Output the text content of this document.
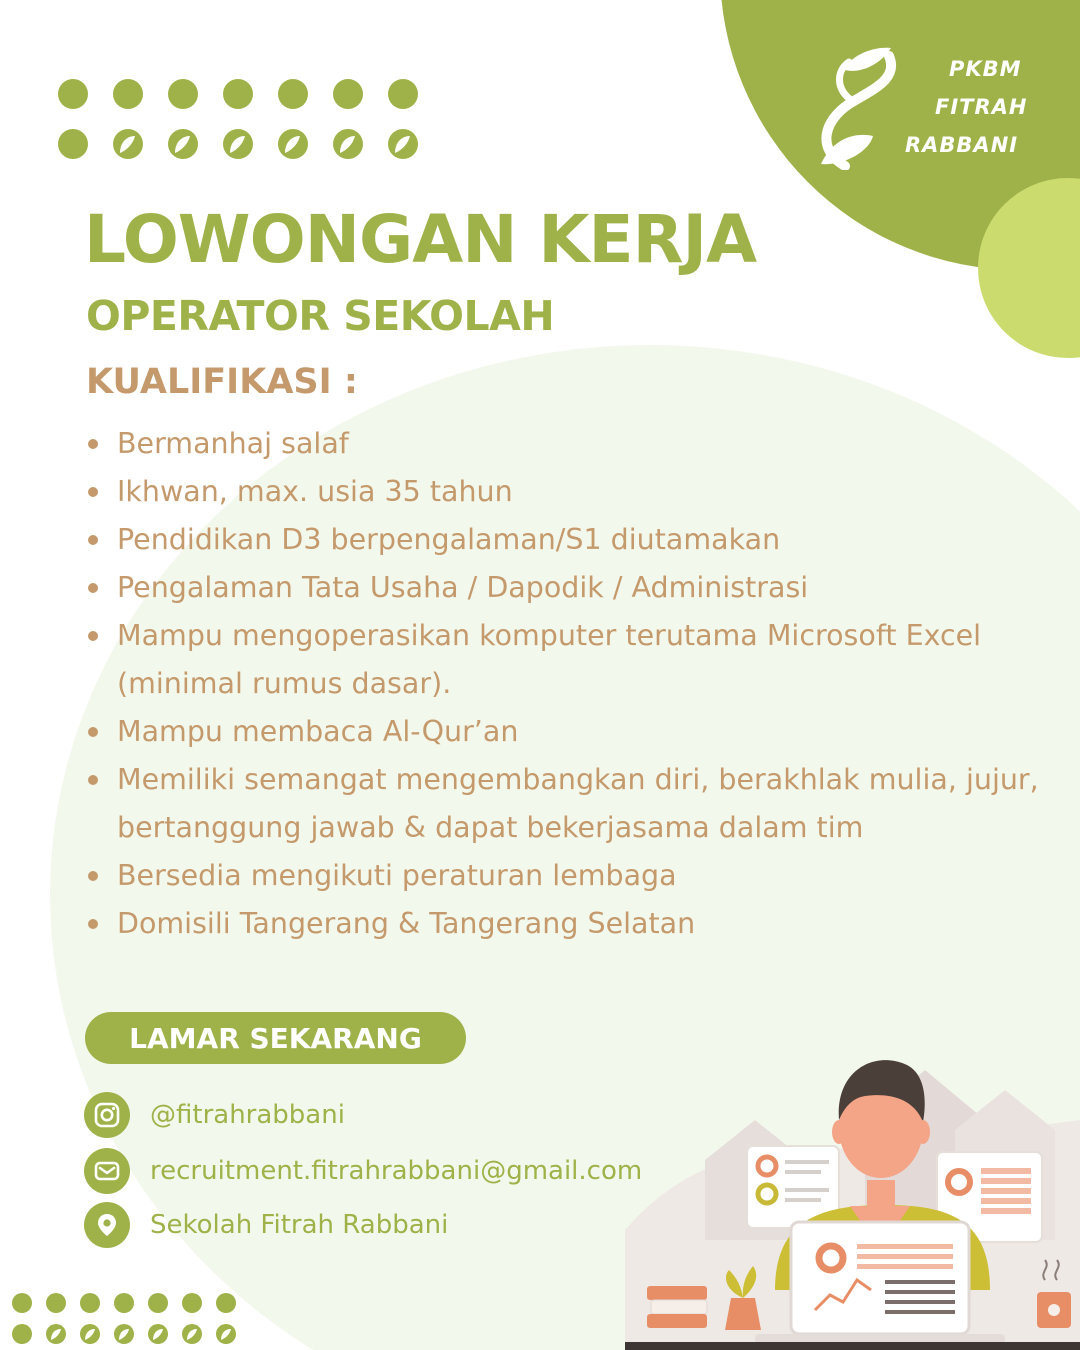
PKBM
FITRAH
RABBANI
LOWONGAN KERJA
OPERATOR SEKOLAH
KUALIFIKASI :
Bermanhaj salaf
Ikhwan, max. usia 35 tahun
Pendidikan D3 berpengalaman/S1 diutamakan
Pengalaman Tata Usaha / Dapodik / Administrasi
Mampu mengoperasikan komputer terutama Microsoft Excel (minimal rumus dasar).
Mampu membaca Al-Qur’an
Memiliki semangat mengembangkan diri, berakhlak mulia, jujur, bertanggung jawab & dapat bekerjasama dalam tim
Bersedia mengikuti peraturan lembaga
Domisili Tangerang & Tangerang Selatan
LAMAR SEKARANG
@fitrahrabbani
recruitment.fitrahrabbani@gmail.com
Sekolah Fitrah Rabbani
